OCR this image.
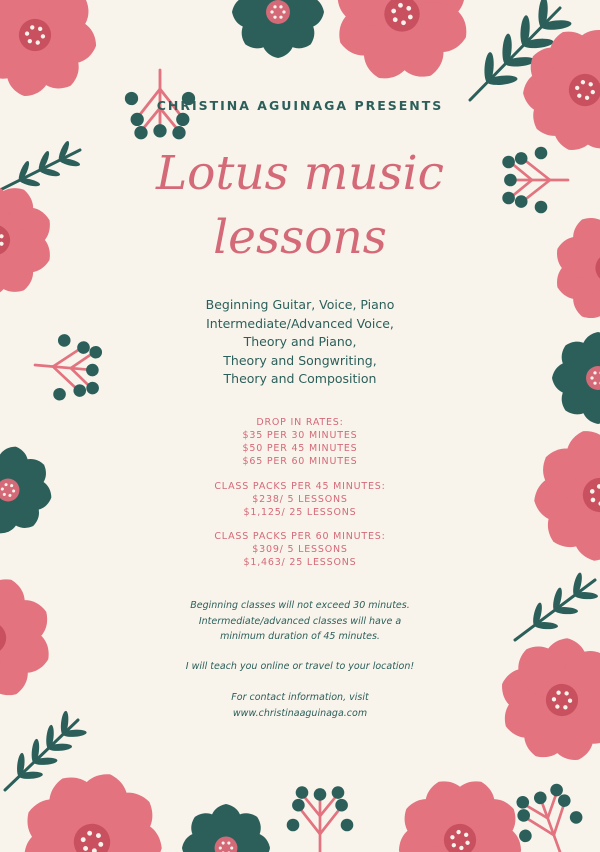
CHRISTINA AGUINAGA PRESENTS
Lotus music
lessons
Beginning Guitar, Voice, Piano
Intermediate/Advanced Voice,
Theory and Piano,
Theory and Songwriting,
Theory and Composition
DROP IN RATES:
$35 PER 30 MINUTES
$50 PER 45 MINUTES
$65 PER 60 MINUTES
CLASS PACKS PER 45 MINUTES:
$238/ 5 LESSONS
$1,125/ 25 LESSONS
CLASS PACKS PER 60 MINUTES:
$309/ 5 LESSONS
$1,463/ 25 LESSONS
Beginning classes will not exceed 30 minutes.
Intermediate/advanced classes will have a
minimum duration of 45 minutes.
I will teach you online or travel to your location!
For contact information, visit
www.christinaaguinaga.com
